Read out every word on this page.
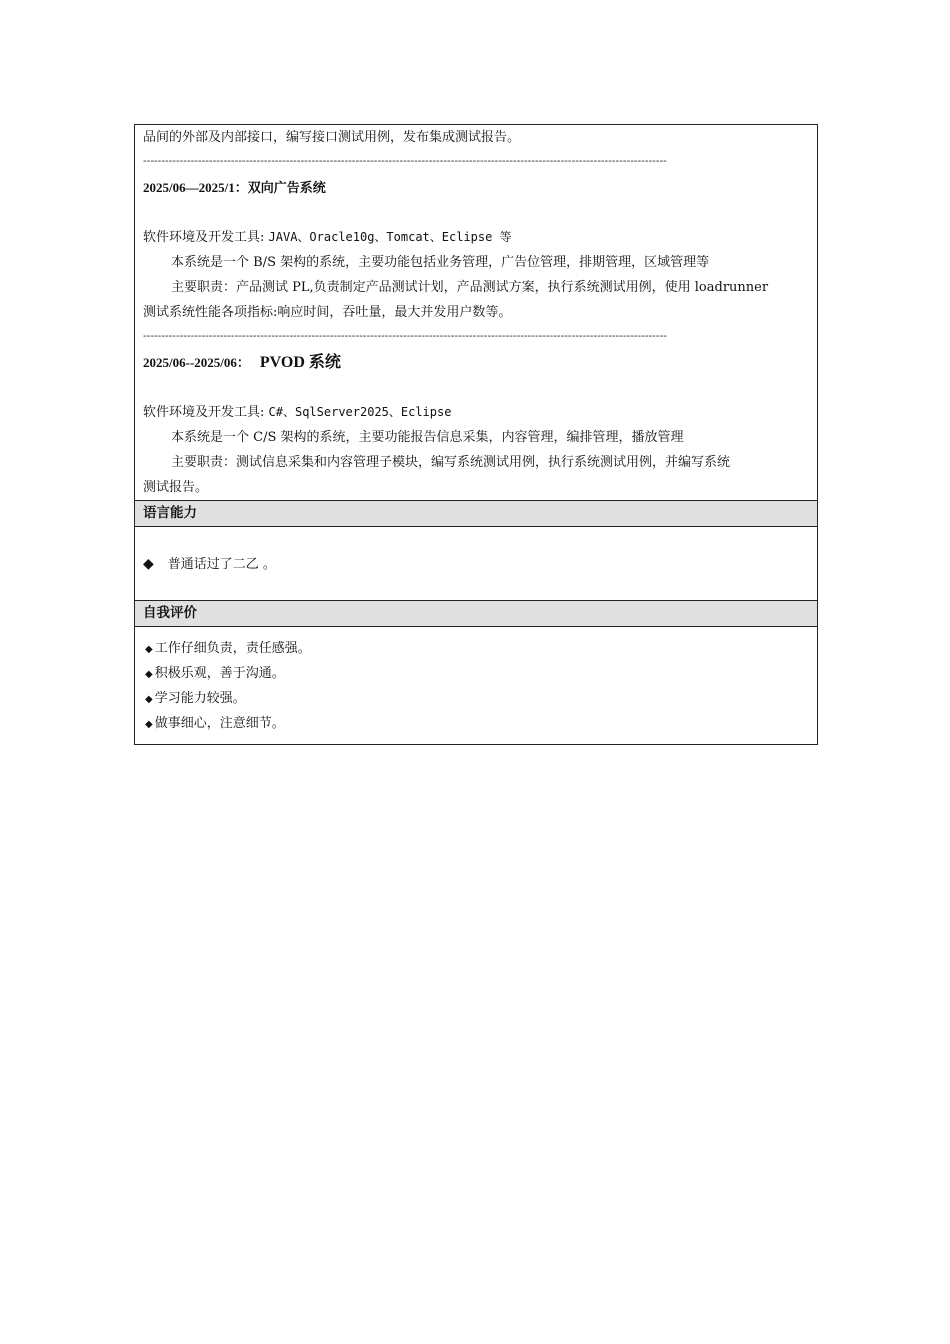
品间的外部及内部接口，编写接口测试用例，发布集成测试报告。
-----------------------------------------------------------------------------------------------------------------------------------------------
2025/06—2025/1：双向广告系统
软件环境及开发工具: JAVA、Oracle10g、Tomcat、Eclipse 等
本系统是一个 B/S 架构的系统，主要功能包括业务管理，广告位管理，排期管理，区域管理等
主要职责：产品测试 PL,负责制定产品测试计划，产品测试方案，执行系统测试用例，使用 loadrunner
测试系统性能各项指标:响应时间，吞吐量，最大并发用户数等。
-----------------------------------------------------------------------------------------------------------------------------------------------
2025/06--2025/06： PVOD 系统
软件环境及开发工具: C#、SqlServer2025、Eclipse
本系统是一个 C/S 架构的系统，主要功能报告信息采集，内容管理，编排管理，播放管理
主要职责：测试信息采集和内容管理子模块，编写系统测试用例，执行系统测试用例，并编写系统
测试报告。
语言能力
◆ 普通话过了二乙 。
自我评价
◆ 工作仔细负责，责任感强。
◆ 积极乐观，善于沟通。
◆ 学习能力较强。
◆ 做事细心，注意细节。
